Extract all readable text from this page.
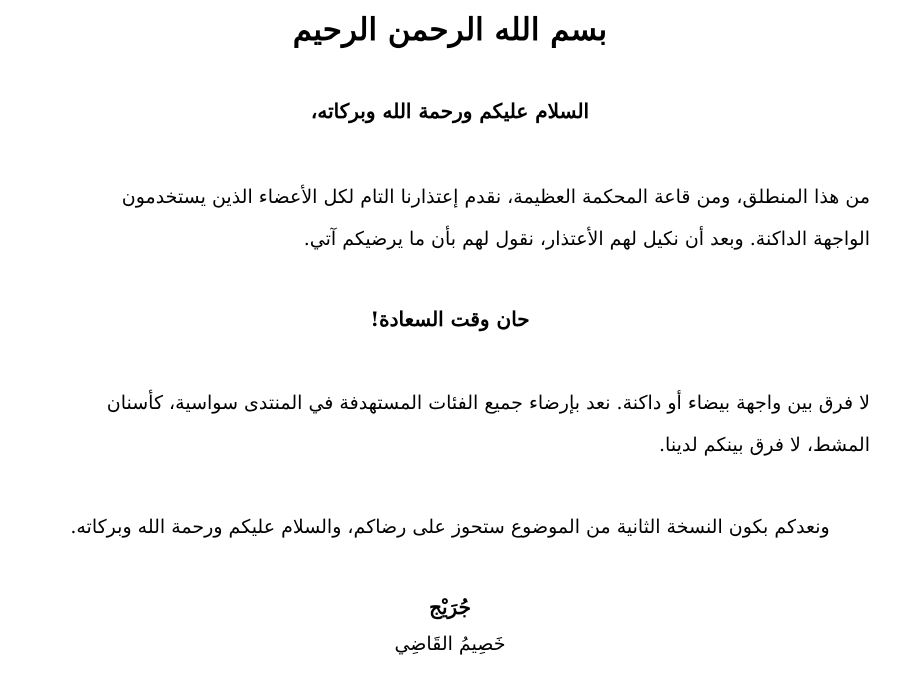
بسم الله الرحمن الرحيم
السلام عليكم ورحمة الله وبركاته،
من هذا المنطلق، ومن قاعة المحكمة العظيمة، نقدم إعتذارنا التام لكل الأعضاء الذين يستخدمون
الواجهة الداكنة. وبعد أن نكيل لهم الأعتذار، نقول لهم بأن ما يرضيكم آتي.
حان وقت السعادة!
لا فرق بين واجهة بيضاء أو داكنة. نعد بإرضاء جميع الفئات المستهدفة في المنتدى سواسية، كأسنان
المشط، لا فرق بينكم لدينا.
ونعدكم بكون النسخة الثانية من الموضوع ستحوز على رضاكم، والسلام عليكم ورحمة الله وبركاته.
جُرَيْج
خَصِيمُ القَاضِي
